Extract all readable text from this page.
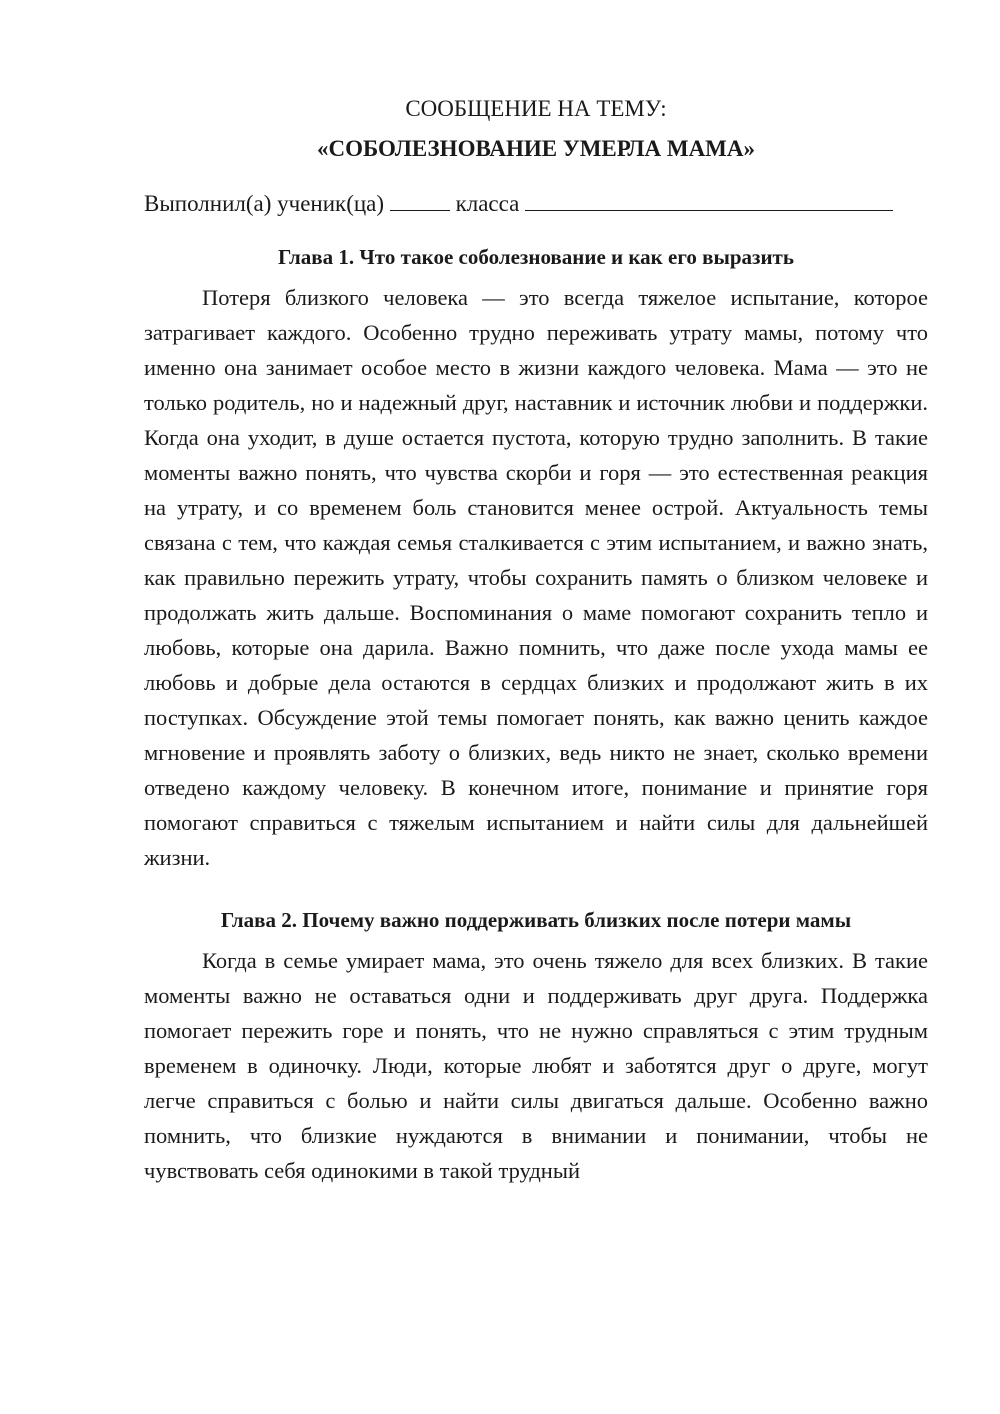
СООБЩЕНИЕ НА ТЕМУ:
«СОБОЛЕЗНОВАНИЕ УМЕРЛА МАМА»
Выполнил(а) ученик(ца)	класса
Глава 1. Что такое соболезнование и как его выразить

Потеря близкого человека — это всегда тяжелое испытание, которое затрагивает каждого. Особенно трудно переживать утрату мамы, потому что именно она занимает особое место в жизни каждого человека. Мама — это не только родитель, но и надежный друг, наставник и источник любви и поддержки. Когда она уходит, в душе остается пустота, которую трудно заполнить. В такие моменты важно понять, что чувства скорби и горя — это естественная реакция на утрату, и со временем боль становится менее острой. Актуальность темы связана с тем, что каждая семья сталкивается с этим испытанием, и важно знать, как правильно пережить утрату, чтобы сохранить память о близком человеке и продолжать жить дальше. Воспоминания о маме помогают сохранить тепло и любовь, которые она дарила. Важно помнить, что даже после ухода мамы ее любовь и добрые дела остаются в сердцах близких и продолжают жить в их поступках. Обсуждение этой темы помогает понять, как важно ценить каждое мгновение и проявлять заботу о близких, ведь никто не знает, сколько времени отведено каждому человеку. В конечном итоге, понимание и принятие горя помогают справиться с тяжелым испытанием и найти силы для дальнейшей жизни.

Глава 2. Почему важно поддерживать близких после потери мамы

Когда в семье умирает мама, это очень тяжело для всех близких. В такие моменты важно не оставаться одни и поддерживать друг друга. Поддержка помогает пережить горе и понять, что не нужно справляться с этим трудным временем в одиночку. Люди, которые любят и заботятся друг о друге, могут легче справиться с болью и найти силы двигаться дальше. Особенно важно помнить, что близкие нуждаются в внимании и понимании, чтобы не чувствовать себя одинокими в такой трудный
